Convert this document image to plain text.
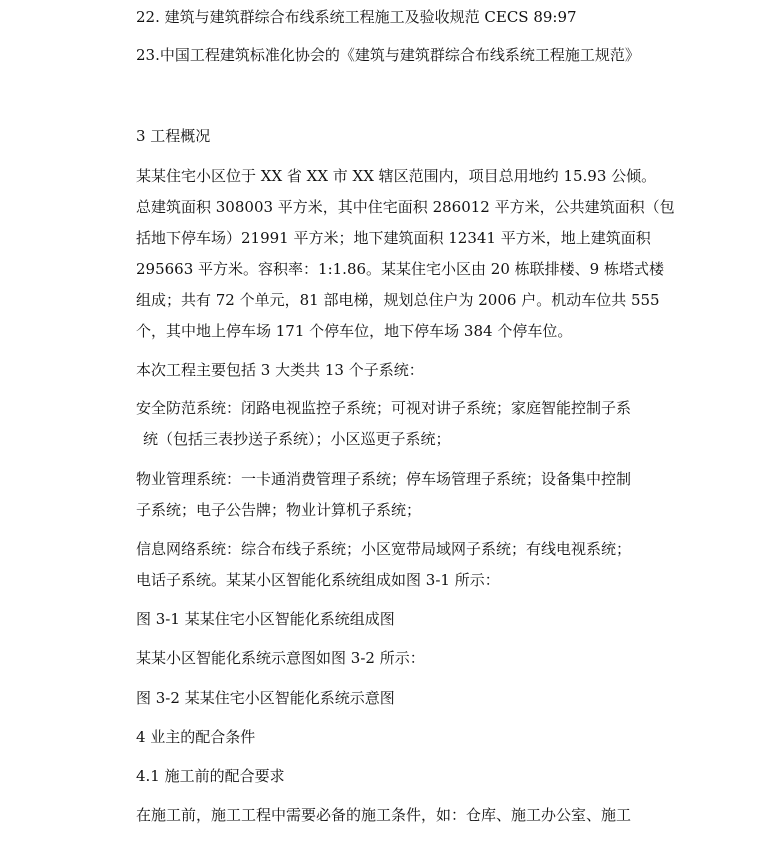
22. 建筑与建筑群综合布线系统工程施工及验收规范 CECS 89:97
23.中国工程建筑标准化协会的《建筑与建筑群综合布线系统工程施工规范》
3 工程概况
某某住宅小区位于 XX 省 XX 市 XX 辖区范围内，项目总用地约 15.93 公倾。
总建筑面积 308003 平方米，其中住宅面积 286012 平方米，公共建筑面积（包
括地下停车场）21991 平方米；地下建筑面积 12341 平方米，地上建筑面积
295663 平方米。容积率：1:1.86。某某住宅小区由 20 栋联排楼、9 栋塔式楼
组成；共有 72 个单元，81 部电梯，规划总住户为 2006 户。机动车位共 555
个，其中地上停车场 171 个停车位，地下停车场 384 个停车位。
本次工程主要包括 3 大类共 13 个子系统：
安全防范系统：闭路电视监控子系统；可视对讲子系统；家庭智能控制子系
统（包括三表抄送子系统）；小区巡更子系统；
物业管理系统：一卡通消费管理子系统；停车场管理子系统；设备集中控制
子系统；电子公告牌；物业计算机子系统；
信息网络系统：综合布线子系统；小区宽带局域网子系统；有线电视系统；
电话子系统。某某小区智能化系统组成如图 3-1 所示：
图 3-1 某某住宅小区智能化系统组成图
某某小区智能化系统示意图如图 3-2 所示：
图 3-2 某某住宅小区智能化系统示意图
4 业主的配合条件
4.1 施工前的配合要求
在施工前，施工工程中需要必备的施工条件，如：仓库、施工办公室、施工
